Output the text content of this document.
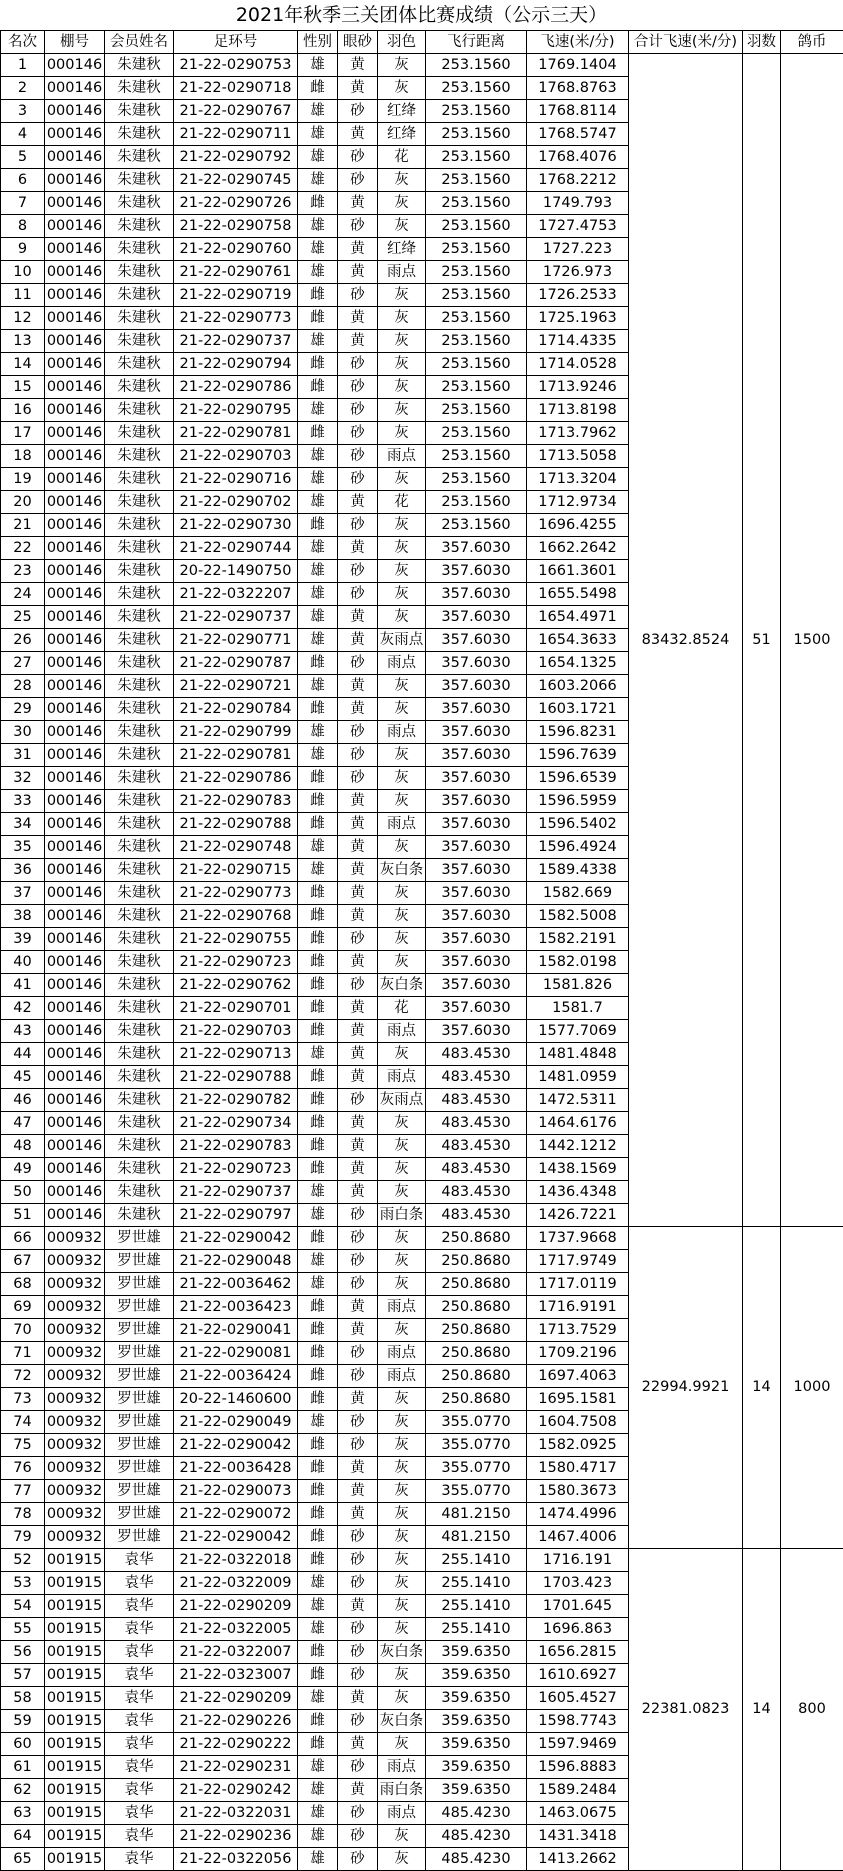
2021年秋季三关团体比赛成绩（公示三天）
名次	棚号	会员姓名	足环号	性别	眼砂	羽色	飞行距离	飞速(米/分)	合计飞速(米/分)	羽数	鸽币
1	000146	朱建秋	21-22-0290753	雄	黄	灰	253.1560	1769.1404	83432.8524	51	1500
2	000146	朱建秋	21-22-0290718	雌	黄	灰	253.1560	1768.8763			
3	000146	朱建秋	21-22-0290767	雄	砂	红绛	253.1560	1768.8114			
4	000146	朱建秋	21-22-0290711	雄	黄	红绛	253.1560	1768.5747			
5	000146	朱建秋	21-22-0290792	雄	砂	花	253.1560	1768.4076			
6	000146	朱建秋	21-22-0290745	雄	砂	灰	253.1560	1768.2212			
7	000146	朱建秋	21-22-0290726	雌	黄	灰	253.1560	1749.793			
8	000146	朱建秋	21-22-0290758	雄	砂	灰	253.1560	1727.4753			
9	000146	朱建秋	21-22-0290760	雄	黄	红绛	253.1560	1727.223			
10	000146	朱建秋	21-22-0290761	雄	黄	雨点	253.1560	1726.973			
11	000146	朱建秋	21-22-0290719	雌	砂	灰	253.1560	1726.2533			
12	000146	朱建秋	21-22-0290773	雌	黄	灰	253.1560	1725.1963			
13	000146	朱建秋	21-22-0290737	雄	黄	灰	253.1560	1714.4335			
14	000146	朱建秋	21-22-0290794	雌	砂	灰	253.1560	1714.0528			
15	000146	朱建秋	21-22-0290786	雌	砂	灰	253.1560	1713.9246			
16	000146	朱建秋	21-22-0290795	雄	砂	灰	253.1560	1713.8198			
17	000146	朱建秋	21-22-0290781	雌	砂	灰	253.1560	1713.7962			
18	000146	朱建秋	21-22-0290703	雄	砂	雨点	253.1560	1713.5058			
19	000146	朱建秋	21-22-0290716	雄	砂	灰	253.1560	1713.3204			
20	000146	朱建秋	21-22-0290702	雄	黄	花	253.1560	1712.9734			
21	000146	朱建秋	21-22-0290730	雌	砂	灰	253.1560	1696.4255			
22	000146	朱建秋	21-22-0290744	雄	黄	灰	357.6030	1662.2642			
23	000146	朱建秋	20-22-1490750	雄	砂	灰	357.6030	1661.3601			
24	000146	朱建秋	21-22-0322207	雄	砂	灰	357.6030	1655.5498			
25	000146	朱建秋	21-22-0290737	雄	黄	灰	357.6030	1654.4971			
26	000146	朱建秋	21-22-0290771	雄	黄	灰雨点	357.6030	1654.3633			
27	000146	朱建秋	21-22-0290787	雌	砂	雨点	357.6030	1654.1325			
28	000146	朱建秋	21-22-0290721	雄	黄	灰	357.6030	1603.2066			
29	000146	朱建秋	21-22-0290784	雌	黄	灰	357.6030	1603.1721			
30	000146	朱建秋	21-22-0290799	雄	砂	雨点	357.6030	1596.8231			
31	000146	朱建秋	21-22-0290781	雄	砂	灰	357.6030	1596.7639			
32	000146	朱建秋	21-22-0290786	雌	砂	灰	357.6030	1596.6539			
33	000146	朱建秋	21-22-0290783	雌	黄	灰	357.6030	1596.5959			
34	000146	朱建秋	21-22-0290788	雌	黄	雨点	357.6030	1596.5402			
35	000146	朱建秋	21-22-0290748	雄	黄	灰	357.6030	1596.4924			
36	000146	朱建秋	21-22-0290715	雄	黄	灰白条	357.6030	1589.4338			
37	000146	朱建秋	21-22-0290773	雌	黄	灰	357.6030	1582.669			
38	000146	朱建秋	21-22-0290768	雌	黄	灰	357.6030	1582.5008			
39	000146	朱建秋	21-22-0290755	雌	砂	灰	357.6030	1582.2191			
40	000146	朱建秋	21-22-0290723	雌	黄	灰	357.6030	1582.0198			
41	000146	朱建秋	21-22-0290762	雌	砂	灰白条	357.6030	1581.826			
42	000146	朱建秋	21-22-0290701	雌	黄	花	357.6030	1581.7			
43	000146	朱建秋	21-22-0290703	雌	黄	雨点	357.6030	1577.7069			
44	000146	朱建秋	21-22-0290713	雄	黄	灰	483.4530	1481.4848			
45	000146	朱建秋	21-22-0290788	雌	黄	雨点	483.4530	1481.0959			
46	000146	朱建秋	21-22-0290782	雌	砂	灰雨点	483.4530	1472.5311			
47	000146	朱建秋	21-22-0290734	雌	黄	灰	483.4530	1464.6176			
48	000146	朱建秋	21-22-0290783	雌	黄	灰	483.4530	1442.1212			
49	000146	朱建秋	21-22-0290723	雌	黄	灰	483.4530	1438.1569			
50	000146	朱建秋	21-22-0290737	雄	黄	灰	483.4530	1436.4348			
51	000146	朱建秋	21-22-0290797	雄	砂	雨白条	483.4530	1426.7221			
66	000932	罗世雄	21-22-0290042	雌	砂	灰	250.8680	1737.9668	22994.9921	14	1000
67	000932	罗世雄	21-22-0290048	雄	砂	灰	250.8680	1717.9749			
68	000932	罗世雄	21-22-0036462	雄	砂	灰	250.8680	1717.0119			
69	000932	罗世雄	21-22-0036423	雌	黄	雨点	250.8680	1716.9191			
70	000932	罗世雄	21-22-0290041	雌	黄	灰	250.8680	1713.7529			
71	000932	罗世雄	21-22-0290081	雌	砂	雨点	250.8680	1709.2196			
72	000932	罗世雄	21-22-0036424	雌	砂	雨点	250.8680	1697.4063			
73	000932	罗世雄	20-22-1460600	雌	黄	灰	250.8680	1695.1581			
74	000932	罗世雄	21-22-0290049	雄	砂	灰	355.0770	1604.7508			
75	000932	罗世雄	21-22-0290042	雌	砂	灰	355.0770	1582.0925			
76	000932	罗世雄	21-22-0036428	雌	黄	灰	355.0770	1580.4717			
77	000932	罗世雄	21-22-0290073	雌	黄	灰	355.0770	1580.3673			
78	000932	罗世雄	21-22-0290072	雌	黄	灰	481.2150	1474.4996			
79	000932	罗世雄	21-22-0290042	雌	砂	灰	481.2150	1467.4006			
52	001915	袁华	21-22-0322018	雌	砂	灰	255.1410	1716.191	22381.0823	14	800
53	001915	袁华	21-22-0322009	雄	砂	灰	255.1410	1703.423			
54	001915	袁华	21-22-0290209	雄	黄	灰	255.1410	1701.645			
55	001915	袁华	21-22-0322005	雄	砂	灰	255.1410	1696.863			
56	001915	袁华	21-22-0322007	雌	砂	灰白条	359.6350	1656.2815			
57	001915	袁华	21-22-0323007	雌	砂	灰	359.6350	1610.6927			
58	001915	袁华	21-22-0290209	雄	黄	灰	359.6350	1605.4527			
59	001915	袁华	21-22-0290226	雌	砂	灰白条	359.6350	1598.7743			
60	001915	袁华	21-22-0290222	雌	黄	灰	359.6350	1597.9469			
61	001915	袁华	21-22-0290231	雄	砂	雨点	359.6350	1596.8883			
62	001915	袁华	21-22-0290242	雄	黄	雨白条	359.6350	1589.2484			
63	001915	袁华	21-22-0322031	雄	砂	雨点	485.4230	1463.0675			
64	001915	袁华	21-22-0290236	雄	砂	灰	485.4230	1431.3418			
65	001915	袁华	21-22-0322056	雄	砂	灰	485.4230	1413.2662			
